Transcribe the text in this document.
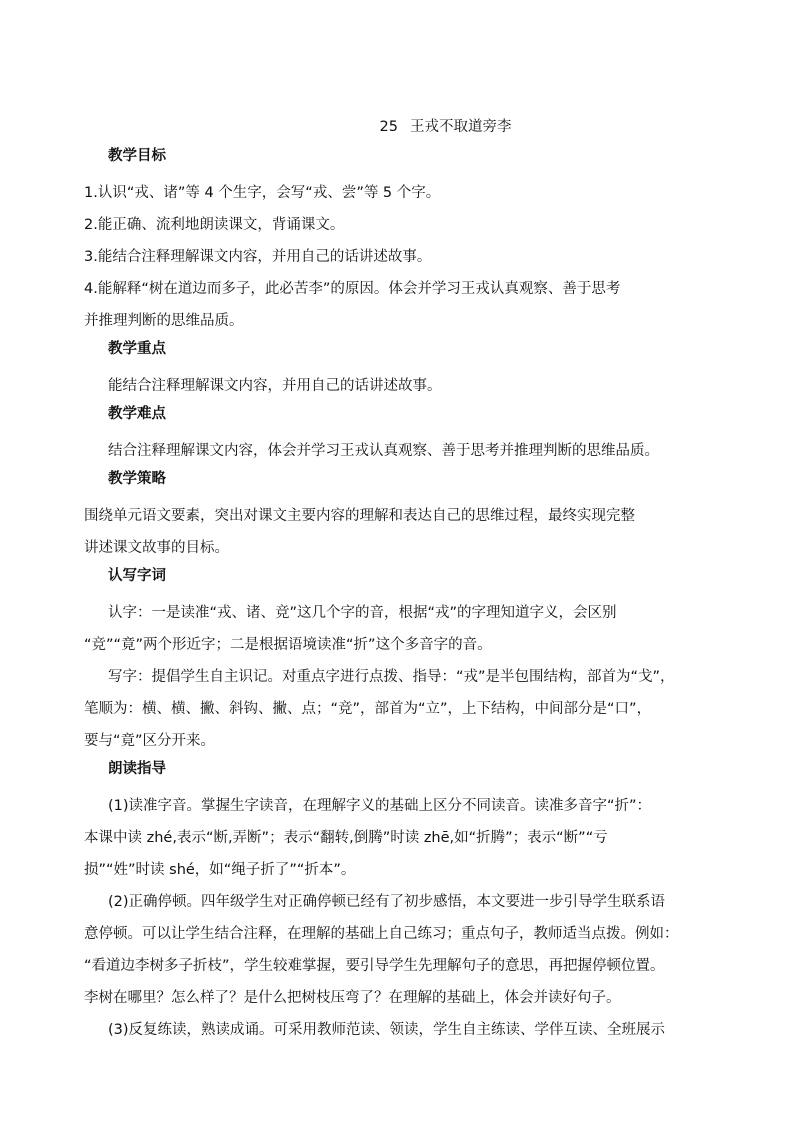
25 王戎不取道旁李
教学目标

1.认识“戎、诸”等 4 个生字，会写“戎、尝”等 5 个字。

2.能正确、流利地朗读课文，背诵课文。

3.能结合注释理解课文内容，并用自己的话讲述故事。

4.能解释“树在道边而多子，此必苦李”的原因。体会并学习王戎认真观察、善于思考

并推理判断的思维品质。

教学重点

能结合注释理解课文内容，并用自己的话讲述故事。

教学难点

结合注释理解课文内容，体会并学习王戎认真观察、善于思考并推理判断的思维品质。

教学策略

围绕单元语文要素，突出对课文主要内容的理解和表达自己的思维过程，最终实现完整

讲述课文故事的目标。

认写字词

认字：一是读准“戎、诸、竞”这几个字的音，根据“戎”的字理知道字义，会区别

“竞”“竟”两个形近字；二是根据语境读准“折”这个多音字的音。

写字：提倡学生自主识记。对重点字进行点拨、指导：“戎”是半包围结构，部首为“戈”，

笔顺为：横、横、撇、斜钩、撇、点；“竞”，部首为“立”，上下结构，中间部分是“口”，

要与“竟”区分开来。

朗读指导

(1)读准字音。掌握生字读音，在理解字义的基础上区分不同读音。读准多音字“折”：

本课中读 zhé,表示“断,弄断”；表示“翻转,倒腾”时读 zhē,如“折腾”；表示“断”“亏

损”“姓”时读 shé，如“绳子折了”“折本”。

(2)正确停顿。四年级学生对正确停顿已经有了初步感悟，本文要进一步引导学生联系语

意停顿。可以让学生结合注释，在理解的基础上自己练习；重点句子，教师适当点拨。例如：

“看道边李树多子折枝”，学生较难掌握，要引导学生先理解句子的意思，再把握停顿位置。

李树在哪里？怎么样了？是什么把树枝压弯了？在理解的基础上，体会并读好句子。

(3)反复练读，熟读成诵。可采用教师范读、领读，学生自主练读、学伴互读、全班展示
